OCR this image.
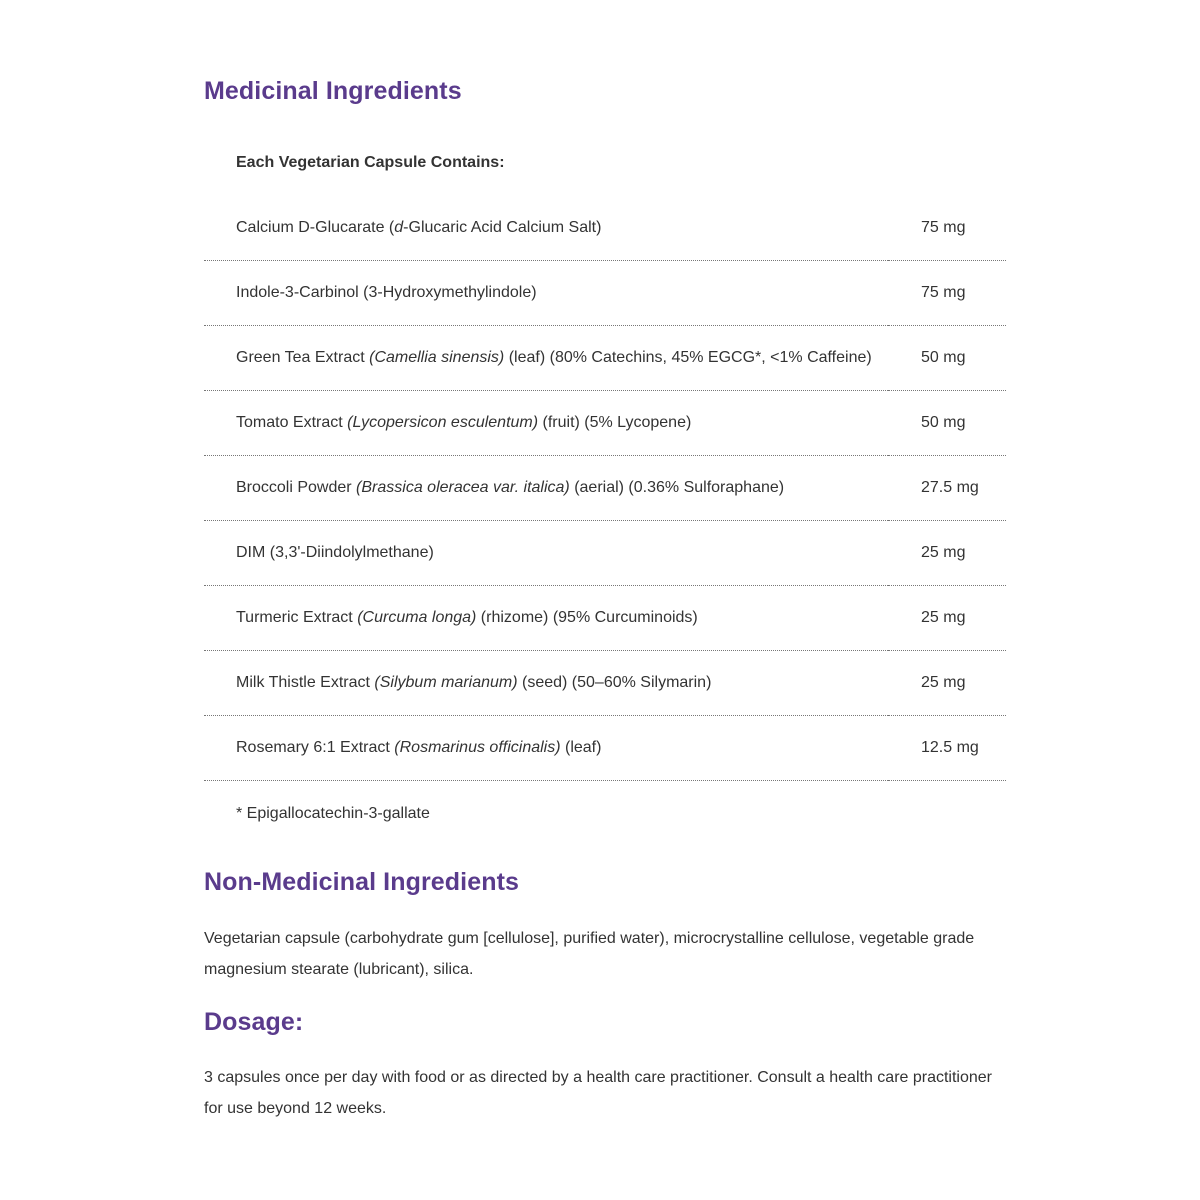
Medicinal Ingredients
Each Vegetarian Capsule Contains:
Calcium D-Glucarate (d-Glucaric Acid Calcium Salt)	75 mg
Indole-3-Carbinol (3-Hydroxymethylindole)	75 mg
Green Tea Extract (Camellia sinensis) (leaf) (80% Catechins, 45% EGCG*, <1% Caffeine)	50 mg
Tomato Extract (Lycopersicon esculentum) (fruit) (5% Lycopene)	50 mg
Broccoli Powder (Brassica oleracea var. italica) (aerial) (0.36% Sulforaphane)	27.5 mg
DIM (3,3'-Diindolylmethane)	25 mg
Turmeric Extract (Curcuma longa) (rhizome) (95% Curcuminoids)	25 mg
Milk Thistle Extract (Silybum marianum) (seed) (50–60% Silymarin)	25 mg
Rosemary 6:1 Extract (Rosmarinus officinalis) (leaf)	12.5 mg
* Epigallocatechin-3-gallate
Non-Medicinal Ingredients

Vegetarian capsule (carbohydrate gum [cellulose], purified water), microcrystalline cellulose, vegetable grade magnesium stearate (lubricant), silica.

Dosage:

3 capsules once per day with food or as directed by a health care practitioner. Consult a health care practitioner for use beyond 12 weeks.
